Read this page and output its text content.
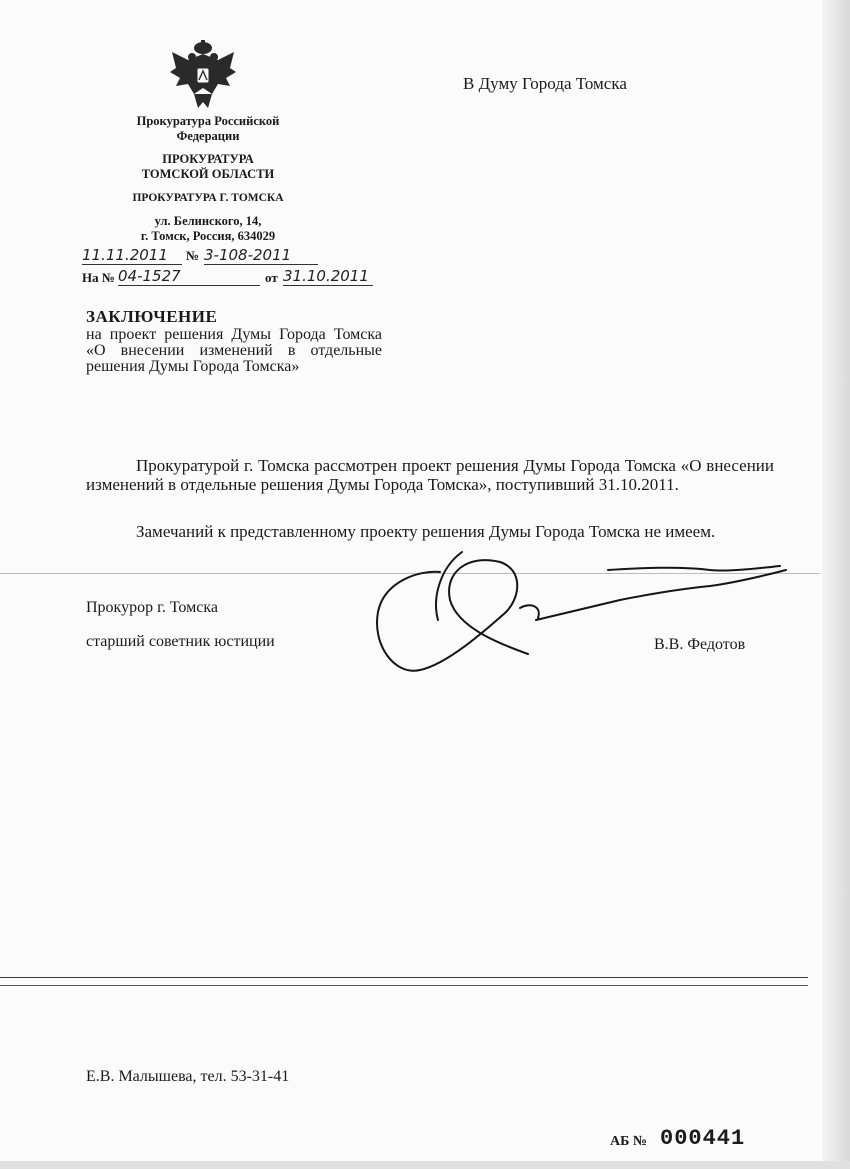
Прокуратура Российской
Федерации
ПРОКУРАТУРА
ТОМСКОЙ ОБЛАСТИ
ПРОКУРАТУРА Г. ТОМСКА
ул. Белинского, 14,
г. Томск, Россия, 634029
11.11.2011	№ 3-108-2011
На № 04-1527	от 31.10.2011
В Думу Города Томска
ЗАКЛЮЧЕНИЕ
на проект решения Думы Города Томска «О внесении изменений в отдельные решения Думы Города Томска»
Прокуратурой г. Томска рассмотрен проект решения Думы Города Томска «О внесении изменений в отдельные решения Думы Города Томска», поступивший 31.10.2011.
Замечаний к представленному проекту решения Думы Города Томска не имеем.
Прокурор г. Томска
старший советник юстиции	В.В. Федотов
Е.В. Малышева, тел. 53-31-41
АБ № 000441
